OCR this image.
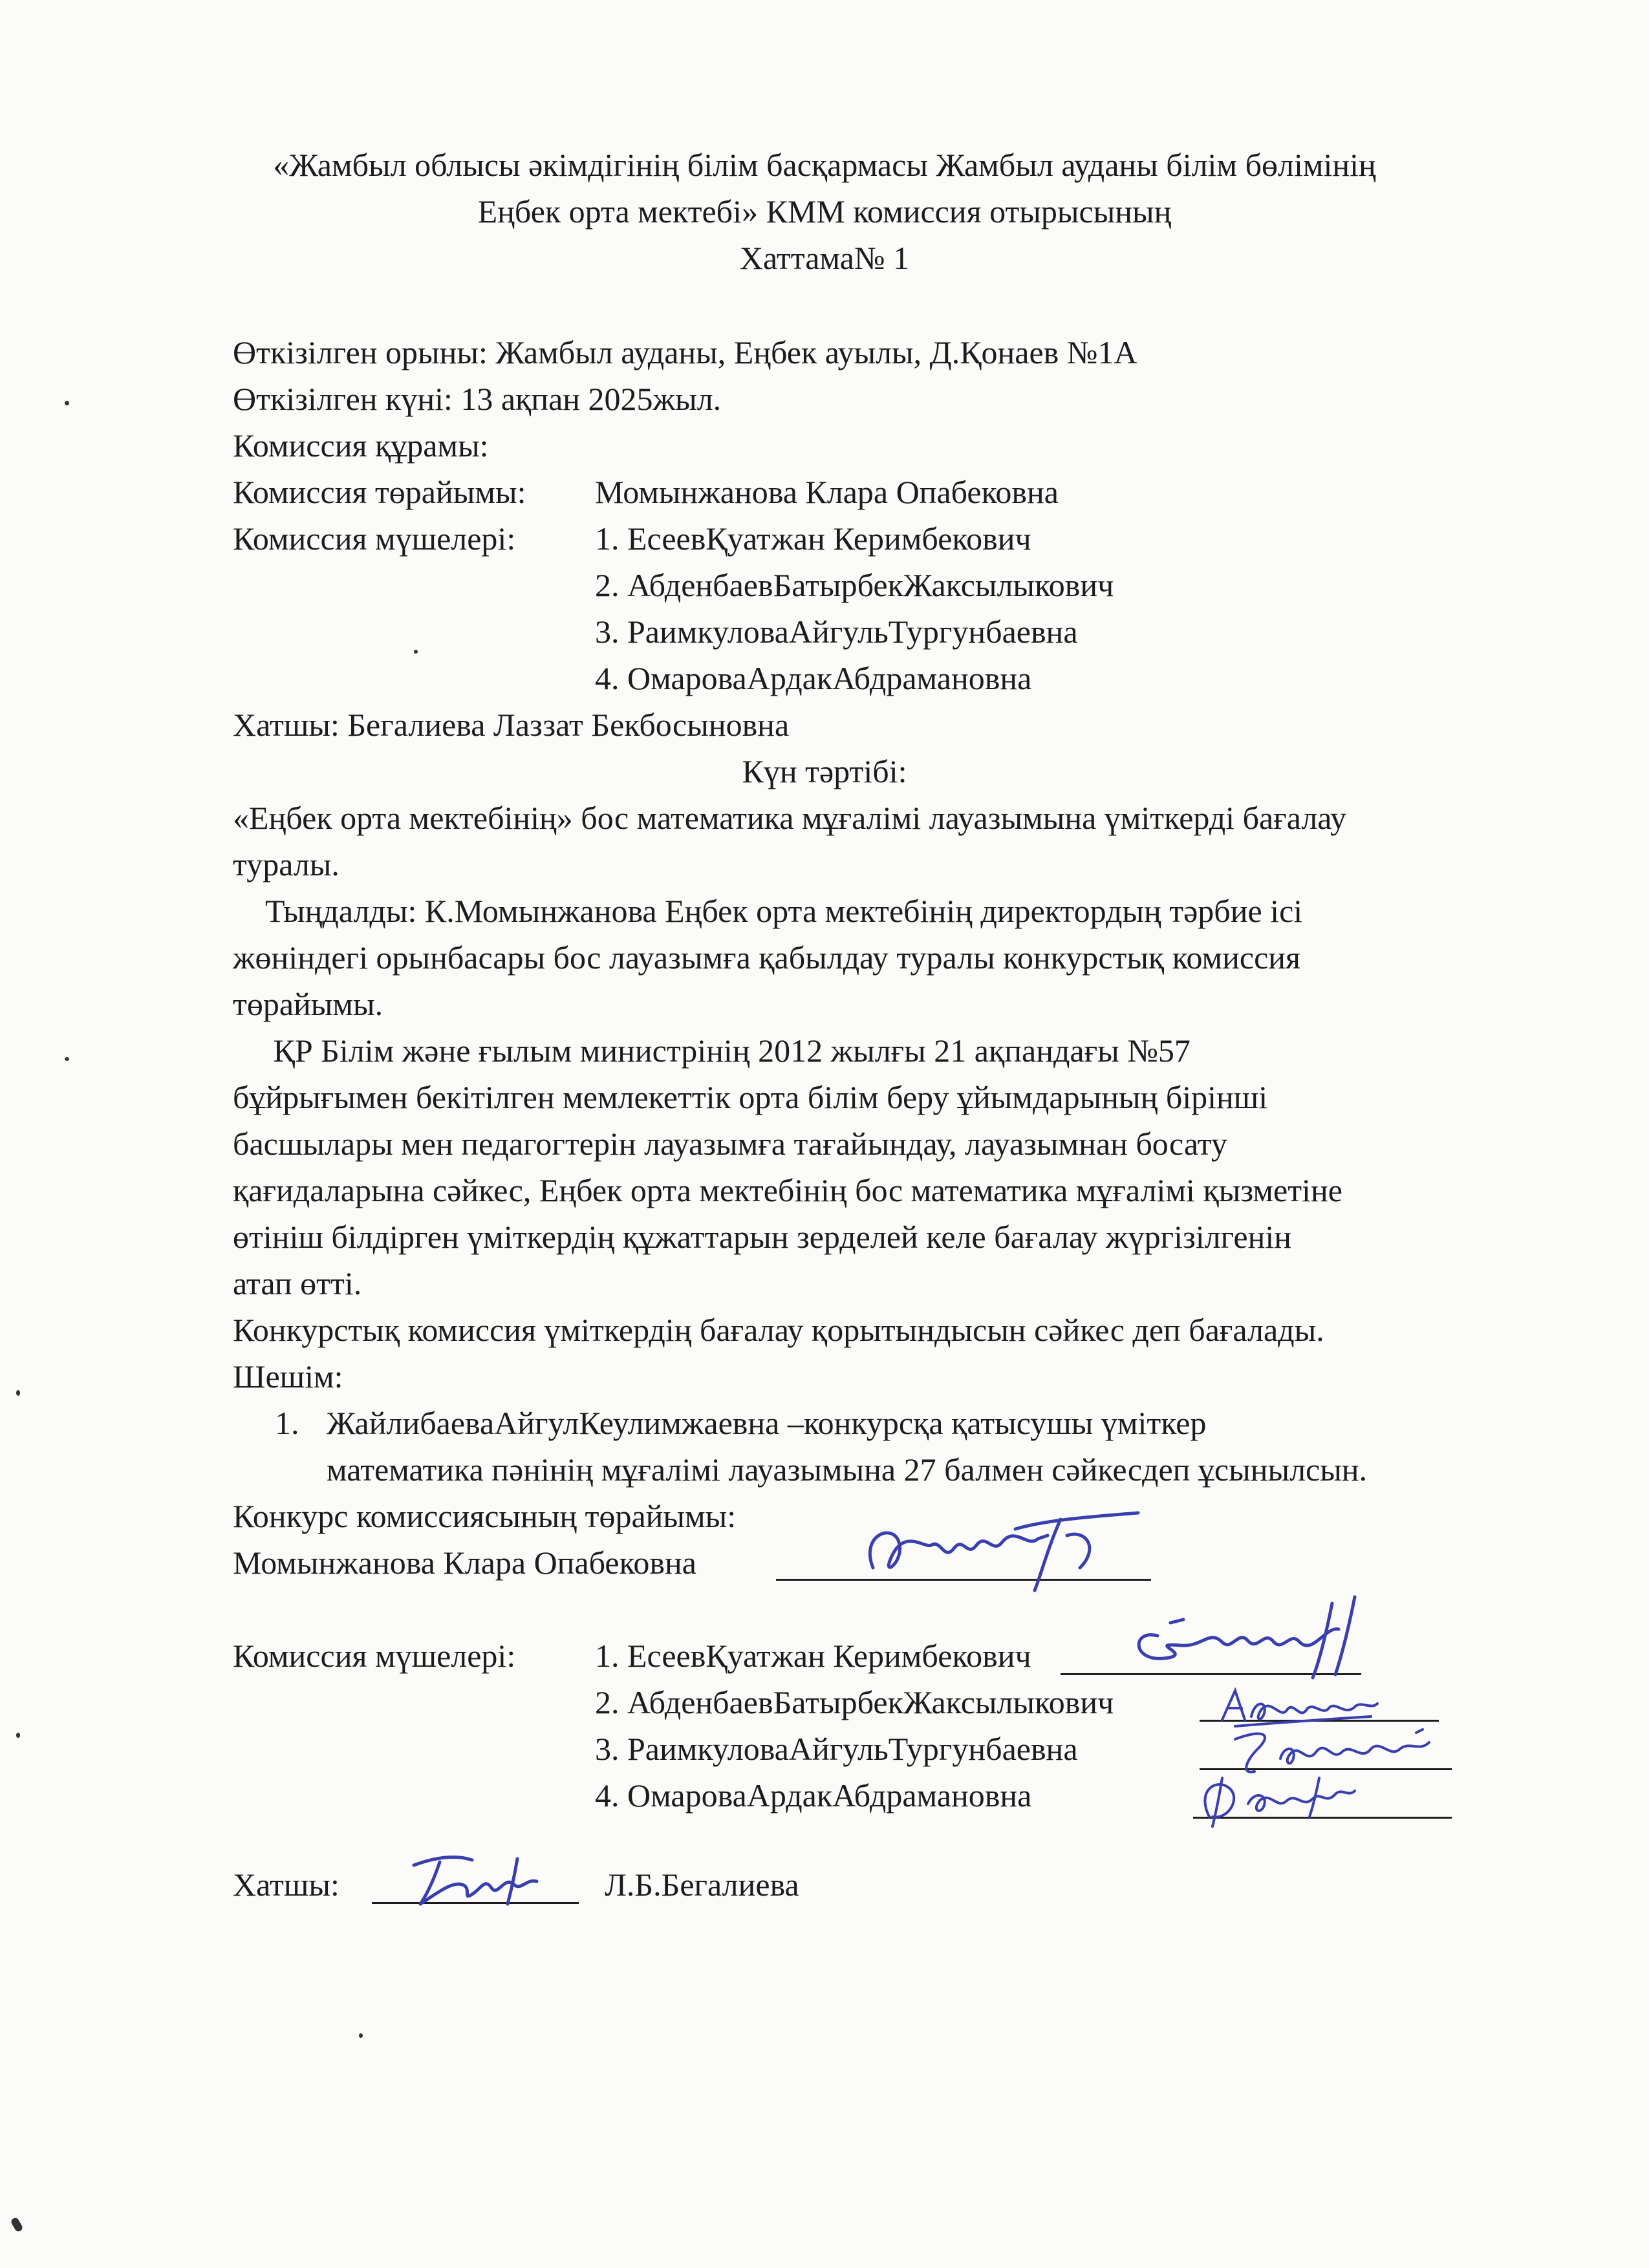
«Жамбыл облысы әкімдігінің білім басқармасы Жамбыл ауданы білім бөлімінің

Еңбек орта мектебі» КММ комиссия отырысының

Хаттама№ 1

Өткізілген орыны: Жамбыл ауданы, Еңбек ауылы, Д.Қонаев №1А

Өткізілген күні: 13 ақпан 2025жыл.

Комиссия құрамы:

Комиссия төрайымы: Момынжанова Клара Опабековна

Комиссия мүшелері: 1. ЕсеевҚуатжан Керимбекович

2. АбденбаевБатырбекЖаксылыкович

3. РаимкуловаАйгульТургунбаевна

4. ОмароваАрдакАбдрамановна

Хатшы: Бегалиева Лаззат Бекбосыновна

Күн тәртібі:

«Еңбек орта мектебінің» бос математика мұғалімі лауазымына үміткерді бағалау

туралы.

Тыңдалды: К.Момынжанова Еңбек орта мектебінің директордың тәрбие ісі

жөніндегі орынбасары бос лауазымға қабылдау туралы конкурстық комиссия

төрайымы.

ҚР Білім және ғылым министрінің 2012 жылғы 21 ақпандағы №57

бұйрығымен бекітілген мемлекеттік орта білім беру ұйымдарының бірінші

басшылары мен педагогтерін лауазымға тағайындау, лауазымнан босату

қағидаларына сәйкес, Еңбек орта мектебінің бос математика мұғалімі қызметіне

өтініш білдірген үміткердің құжаттарын зерделей келе бағалау жүргізілгенін

атап өтті.

Конкурстық комиссия үміткердің бағалау қорытындысын сәйкес деп бағалады.

Шешім:

1. ЖайлибаеваАйгулКеулимжаевна –конкурсқа қатысушы үміткер

математика пәнінің мұғалімі лауазымына 27 балмен сәйкесдеп ұсынылсын.

Конкурс комиссиясының төрайымы:

Момынжанова Клара Опабековна

Комиссия мүшелері: 1. ЕсеевҚуатжан Керимбекович

2. АбденбаевБатырбекЖаксылыкович

3. РаимкуловаАйгульТургунбаевна

4. ОмароваАрдакАбдрамановна

Хатшы:	Л.Б.Бегалиева
